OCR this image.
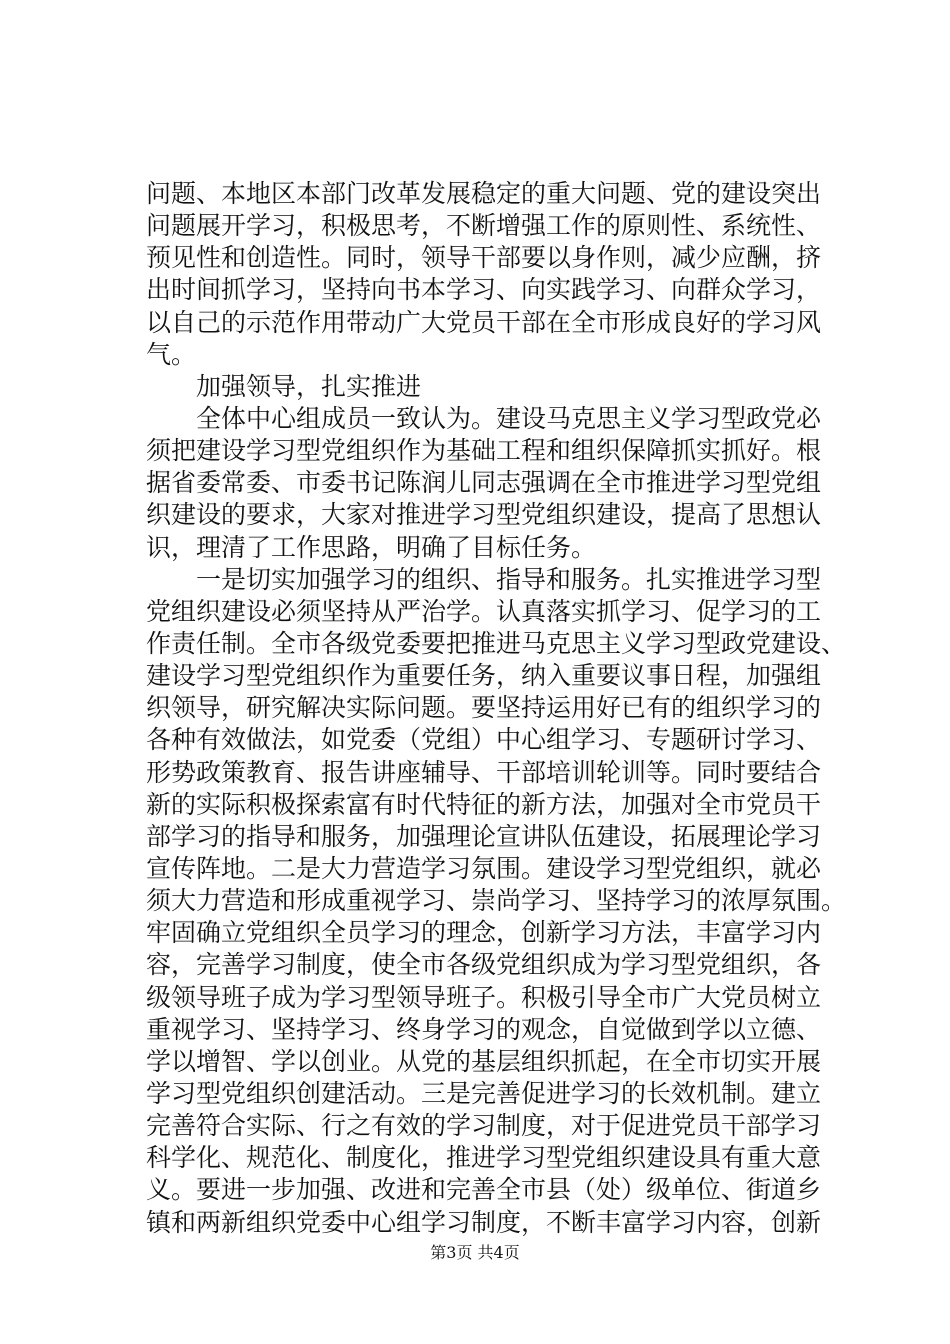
问题、本地区本部门改革发展稳定的重大问题、党的建设突出
问题展开学习，积极思考，不断增强工作的原则性、系统性、
预见性和创造性。同时，领导干部要以身作则，减少应酬，挤
出时间抓学习，坚持向书本学习、向实践学习、向群众学习，
以自己的示范作用带动广大党员干部在全市形成良好的学习风
气。
　　加强领导，扎实推进
　　全体中心组成员一致认为。建设马克思主义学习型政党必
须把建设学习型党组织作为基础工程和组织保障抓实抓好。根
据省委常委、市委书记陈润儿同志强调在全市推进学习型党组
织建设的要求，大家对推进学习型党组织建设，提高了思想认
识，理清了工作思路，明确了目标任务。
　　一是切实加强学习的组织、指导和服务。扎实推进学习型
党组织建设必须坚持从严治学。认真落实抓学习、促学习的工
作责任制。全市各级党委要把推进马克思主义学习型政党建设、
建设学习型党组织作为重要任务，纳入重要议事日程，加强组
织领导，研究解决实际问题。要坚持运用好已有的组织学习的
各种有效做法，如党委（党组）中心组学习、专题研讨学习、
形势政策教育、报告讲座辅导、干部培训轮训等。同时要结合
新的实际积极探索富有时代特征的新方法，加强对全市党员干
部学习的指导和服务，加强理论宣讲队伍建设，拓展理论学习
宣传阵地。二是大力营造学习氛围。建设学习型党组织，就必
须大力营造和形成重视学习、崇尚学习、坚持学习的浓厚氛围。
牢固确立党组织全员学习的理念，创新学习方法，丰富学习内
容，完善学习制度，使全市各级党组织成为学习型党组织，各
级领导班子成为学习型领导班子。积极引导全市广大党员树立
重视学习、坚持学习、终身学习的观念，自觉做到学以立德、
学以增智、学以创业。从党的基层组织抓起，在全市切实开展
学习型党组织创建活动。三是完善促进学习的长效机制。建立
完善符合实际、行之有效的学习制度，对于促进党员干部学习
科学化、规范化、制度化，推进学习型党组织建设具有重大意
义。要进一步加强、改进和完善全市县（处）级单位、街道乡
镇和两新组织党委中心组学习制度，不断丰富学习内容，创新
第3页 共4页
